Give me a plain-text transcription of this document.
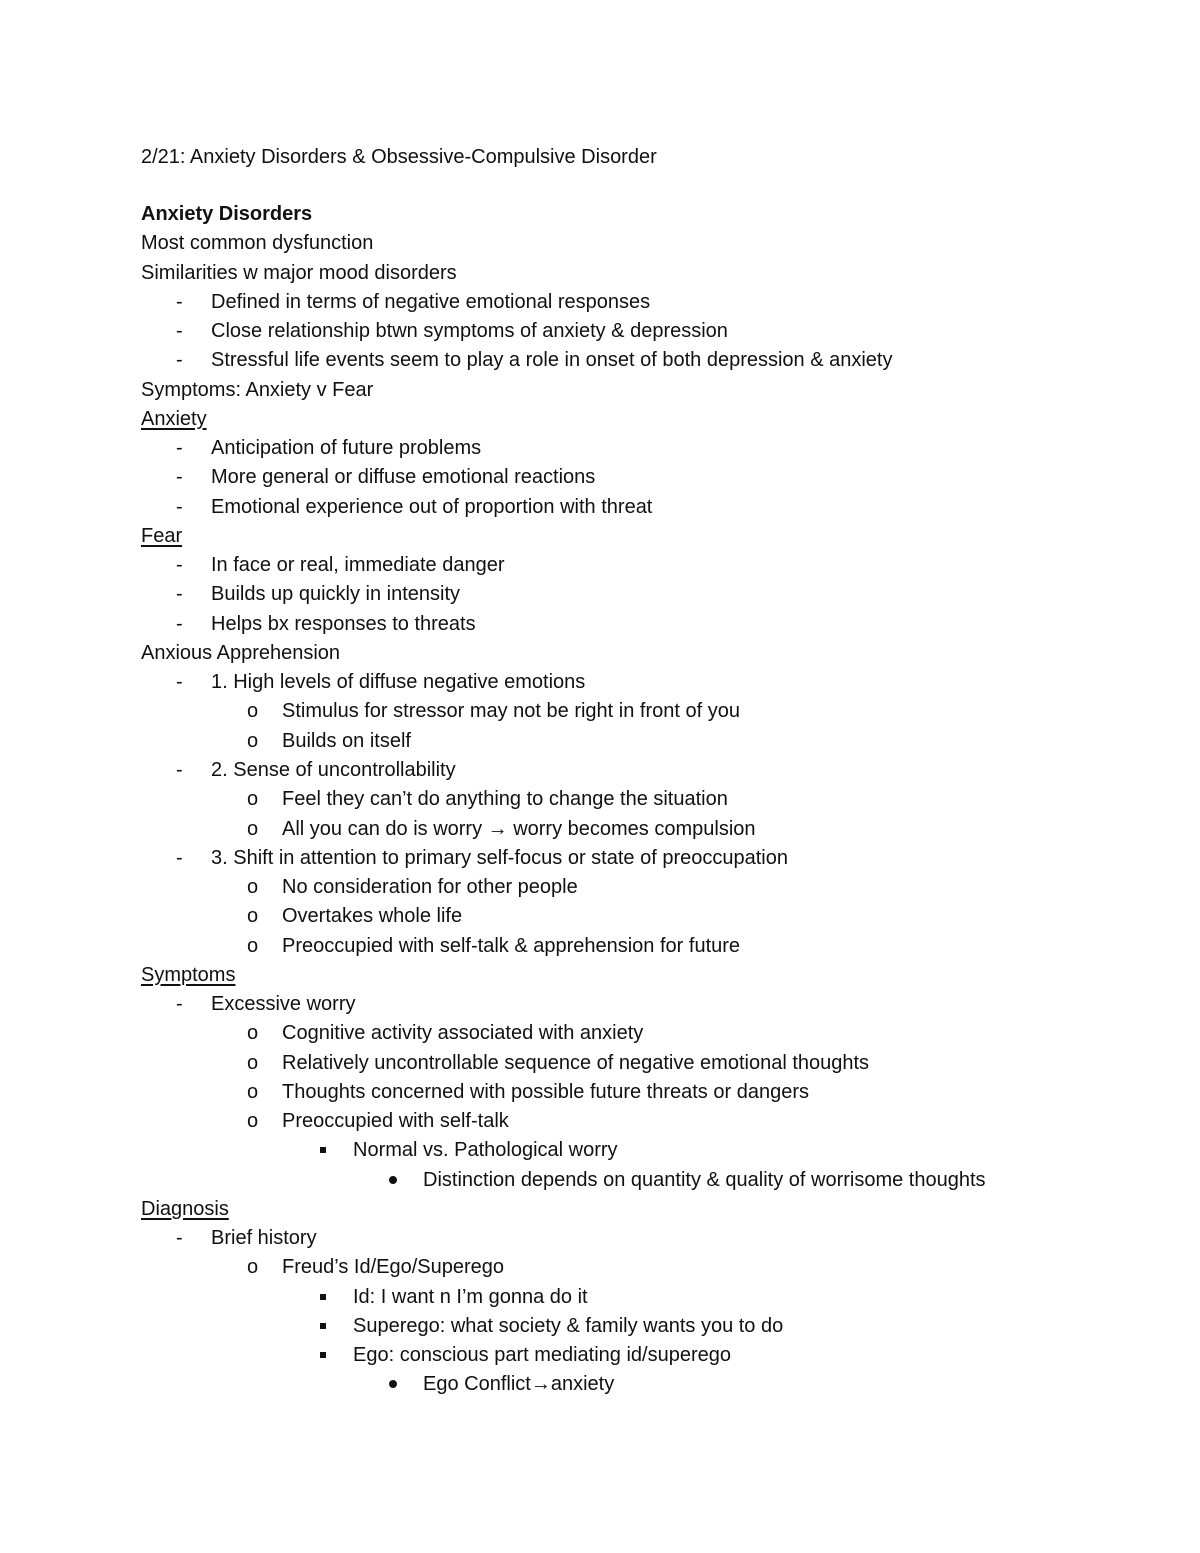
2/21: Anxiety Disorders & Obsessive-Compulsive Disorder
Anxiety Disorders
Most common dysfunction
Similarities w major mood disorders
- Defined in terms of negative emotional responses
- Close relationship btwn symptoms of anxiety & depression
- Stressful life events seem to play a role in onset of both depression & anxiety
Symptoms: Anxiety v Fear
Anxiety
- Anticipation of future problems
- More general or diffuse emotional reactions
- Emotional experience out of proportion with threat
Fear
- In face or real, immediate danger
- Builds up quickly in intensity
- Helps bx responses to threats
Anxious Apprehension
- 1. High levels of diffuse negative emotions
o Stimulus for stressor may not be right in front of you
o Builds on itself
- 2. Sense of uncontrollability
o Feel they can’t do anything to change the situation
o All you can do is worry → worry becomes compulsion
- 3. Shift in attention to primary self-focus or state of preoccupation
o No consideration for other people
o Overtakes whole life
o Preoccupied with self-talk & apprehension for future
Symptoms
- Excessive worry
o Cognitive activity associated with anxiety
o Relatively uncontrollable sequence of negative emotional thoughts
o Thoughts concerned with possible future threats or dangers
o Preoccupied with self-talk
Normal vs. Pathological worry
Distinction depends on quantity & quality of worrisome thoughts
Diagnosis
- Brief history
o Freud’s Id/Ego/Superego
Id: I want n I’m gonna do it
Superego: what society & family wants you to do
Ego: conscious part mediating id/superego
Ego Conflict→anxiety
